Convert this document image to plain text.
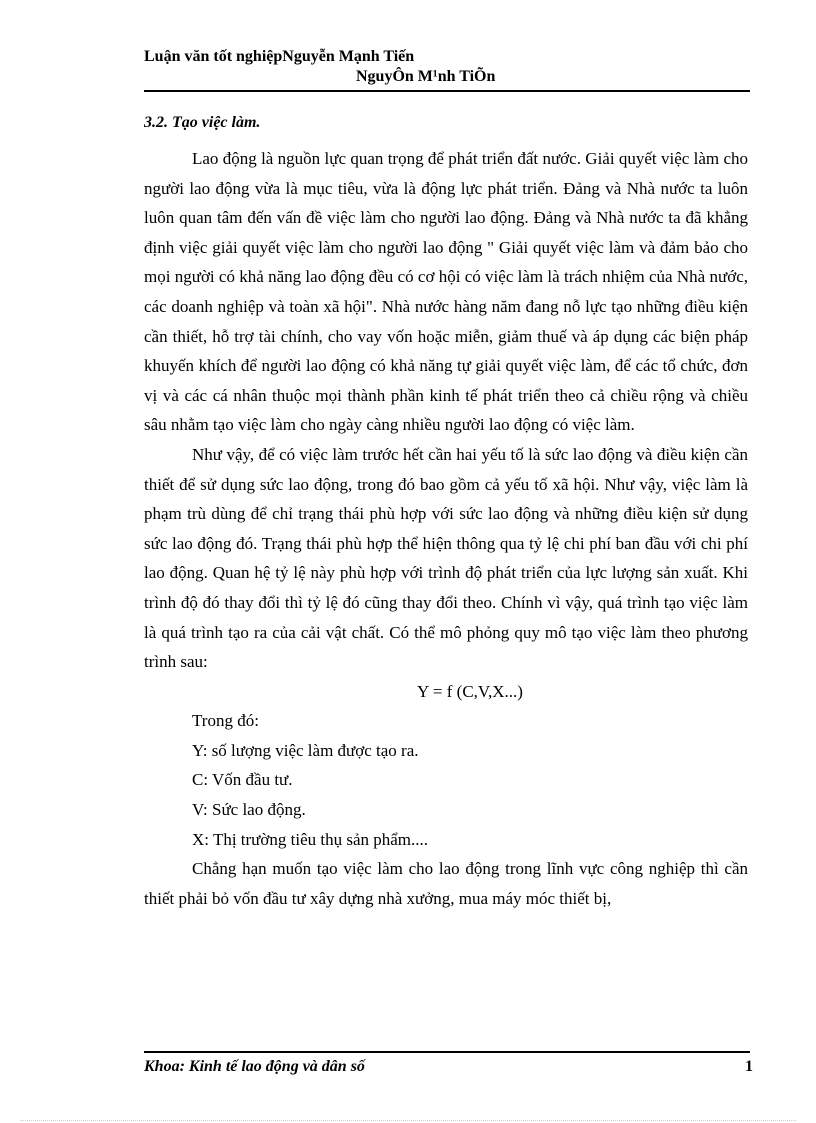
Luận văn tốt nghiệpNguyễn Mạnh Tiến
NguyÔn M¹nh TiÕn
3.2. Tạo việc làm.

Lao động là nguồn lực quan trọng để phát triển đất nước. Giải quyết việc làm cho người lao động vừa là mục tiêu, vừa là động lực phát triển. Đảng và Nhà nước ta luôn luôn quan tâm đến vấn đề việc làm cho người lao động. Đảng và Nhà nước ta đã khẳng định việc giải quyết việc làm cho người lao động " Giải quyết việc làm và đảm bảo cho mọi người có khả năng lao động đều có cơ hội có việc làm là trách nhiệm của Nhà nước, các doanh nghiệp và toàn xã hội". Nhà nước hàng năm đang nỗ lực tạo những điều kiện cần thiết, hỗ trợ tài chính, cho vay vốn hoặc miễn, giảm thuế và áp dụng các biện pháp khuyến khích để người lao động có khả năng tự giải quyết việc làm, để các tổ chức, đơn vị và các cá nhân thuộc mọi thành phần kinh tế phát triển theo cả chiều rộng và chiều sâu nhằm tạo việc làm cho ngày càng nhiều người lao động có việc làm.

Như vậy, để có việc làm trước hết cần hai yếu tố là sức lao động và điều kiện cần thiết để sử dụng sức lao động, trong đó bao gồm cả yếu tố xã hội. Như vậy, việc làm là phạm trù dùng để chỉ trạng thái phù hợp với sức lao động và những điều kiện sử dụng sức lao động đó. Trạng thái phù hợp thể hiện thông qua tỷ lệ chi phí ban đầu với chi phí lao động. Quan hệ tỷ lệ này phù hợp với trình độ phát triển của lực lượng sản xuất. Khi trình độ đó thay đổi thì tỷ lệ đó cũng thay đổi theo. Chính vì vậy, quá trình tạo việc làm là quá trình tạo ra của cải vật chất. Có thể mô phỏng quy mô tạo việc làm theo phương trình sau:

Y = f (C,V,X...)

Trong đó:

Y: số lượng việc làm được tạo ra.

C: Vốn đầu tư.

V: Sức lao động.

X: Thị trường tiêu thụ sản phẩm....

Chẳng hạn muốn tạo việc làm cho lao động trong lĩnh vực công nghiệp thì cần thiết phải bỏ vốn đầu tư xây dựng nhà xưởng, mua máy móc thiết bị,

Khoa: Kinh tế lao động và dân số	1
